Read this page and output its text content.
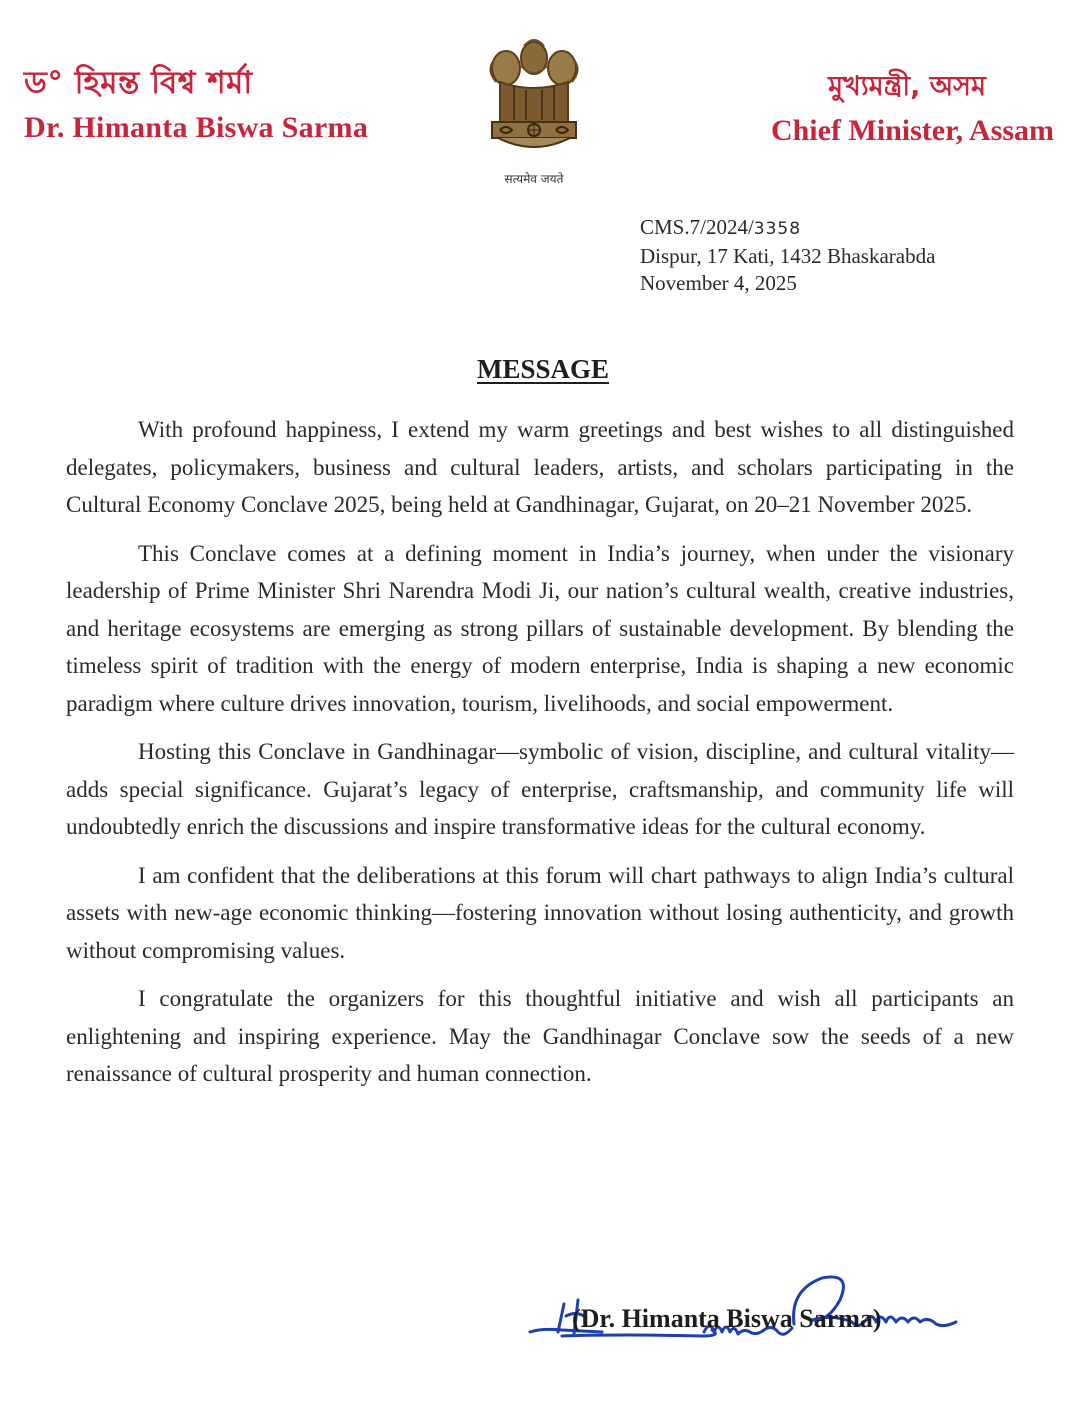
ড° হিমন্ত বিশ্ব শৰ্মা
Dr. Himanta Biswa Sarma
सत्यमेव जयते
মুখ্যমন্ত্ৰী, অসম
Chief Minister, Assam
CMS.7/2024/3358
Dispur, 17 Kati, 1432 Bhaskarabda
November 4, 2025
MESSAGE

With profound happiness, I extend my warm greetings and best wishes to all distinguished delegates, policymakers, business and cultural leaders, artists, and scholars participating in the Cultural Economy Conclave 2025, being held at Gandhinagar, Gujarat, on 20–21 November 2025.

This Conclave comes at a defining moment in India’s journey, when under the visionary leadership of Prime Minister Shri Narendra Modi Ji, our nation’s cultural wealth, creative industries, and heritage ecosystems are emerging as strong pillars of sustainable development. By blending the timeless spirit of tradition with the energy of modern enterprise, India is shaping a new economic paradigm where culture drives innovation, tourism, livelihoods, and social empowerment.

Hosting this Conclave in Gandhinagar—symbolic of vision, discipline, and cultural vitality—adds special significance. Gujarat’s legacy of enterprise, craftsmanship, and community life will undoubtedly enrich the discussions and inspire transformative ideas for the cultural economy.

I am confident that the deliberations at this forum will chart pathways to align India’s cultural assets with new-age economic thinking—fostering innovation without losing authenticity, and growth without compromising values.

I congratulate the organizers for this thoughtful initiative and wish all participants an enlightening and inspiring experience. May the Gandhinagar Conclave sow the seeds of a new renaissance of cultural prosperity and human connection.

(Dr. Himanta Biswa Sarma)
